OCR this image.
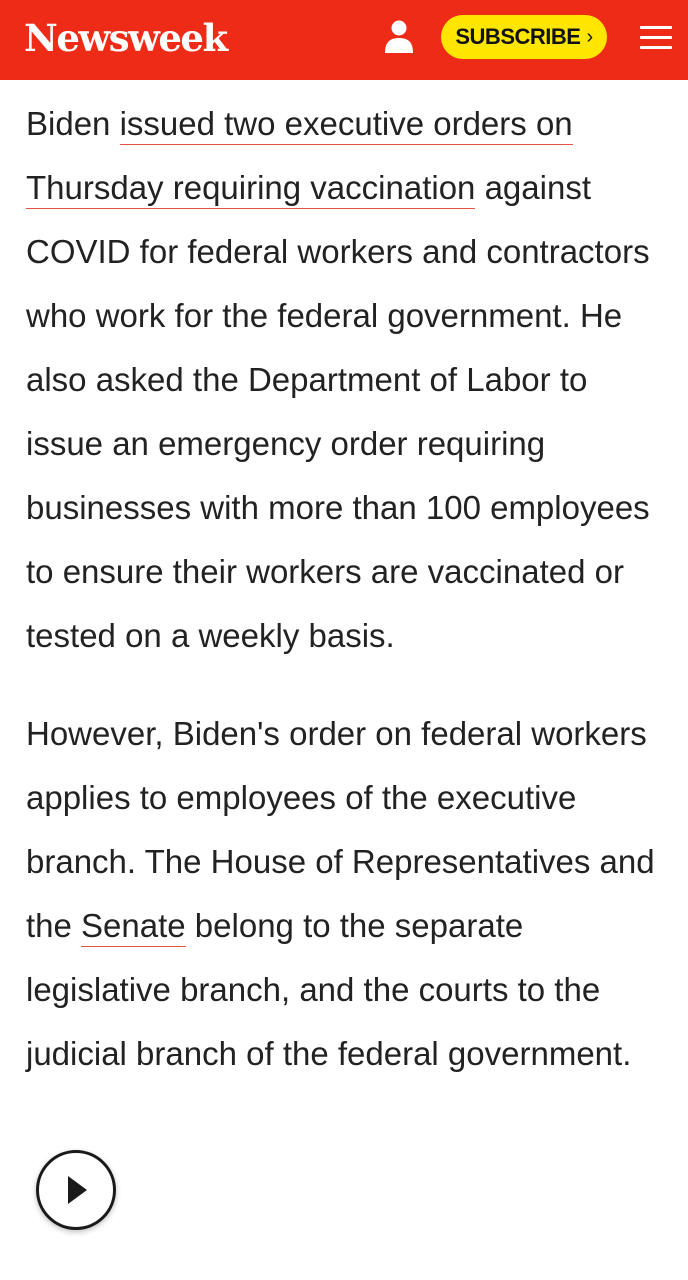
Newsweek	SUBSCRIBE ›

Biden issued two executive orders on Thursday requiring vaccination against COVID for federal workers and contractors who work for the federal government. He also asked the Department of Labor to issue an emergency order requiring businesses with more than 100 employees to ensure their workers are vaccinated or tested on a weekly basis.

However, Biden's order on federal workers applies to employees of the executive branch. The House of Representatives and the Senate belong to the separate legislative branch, and the courts to the judicial branch of the federal government.
